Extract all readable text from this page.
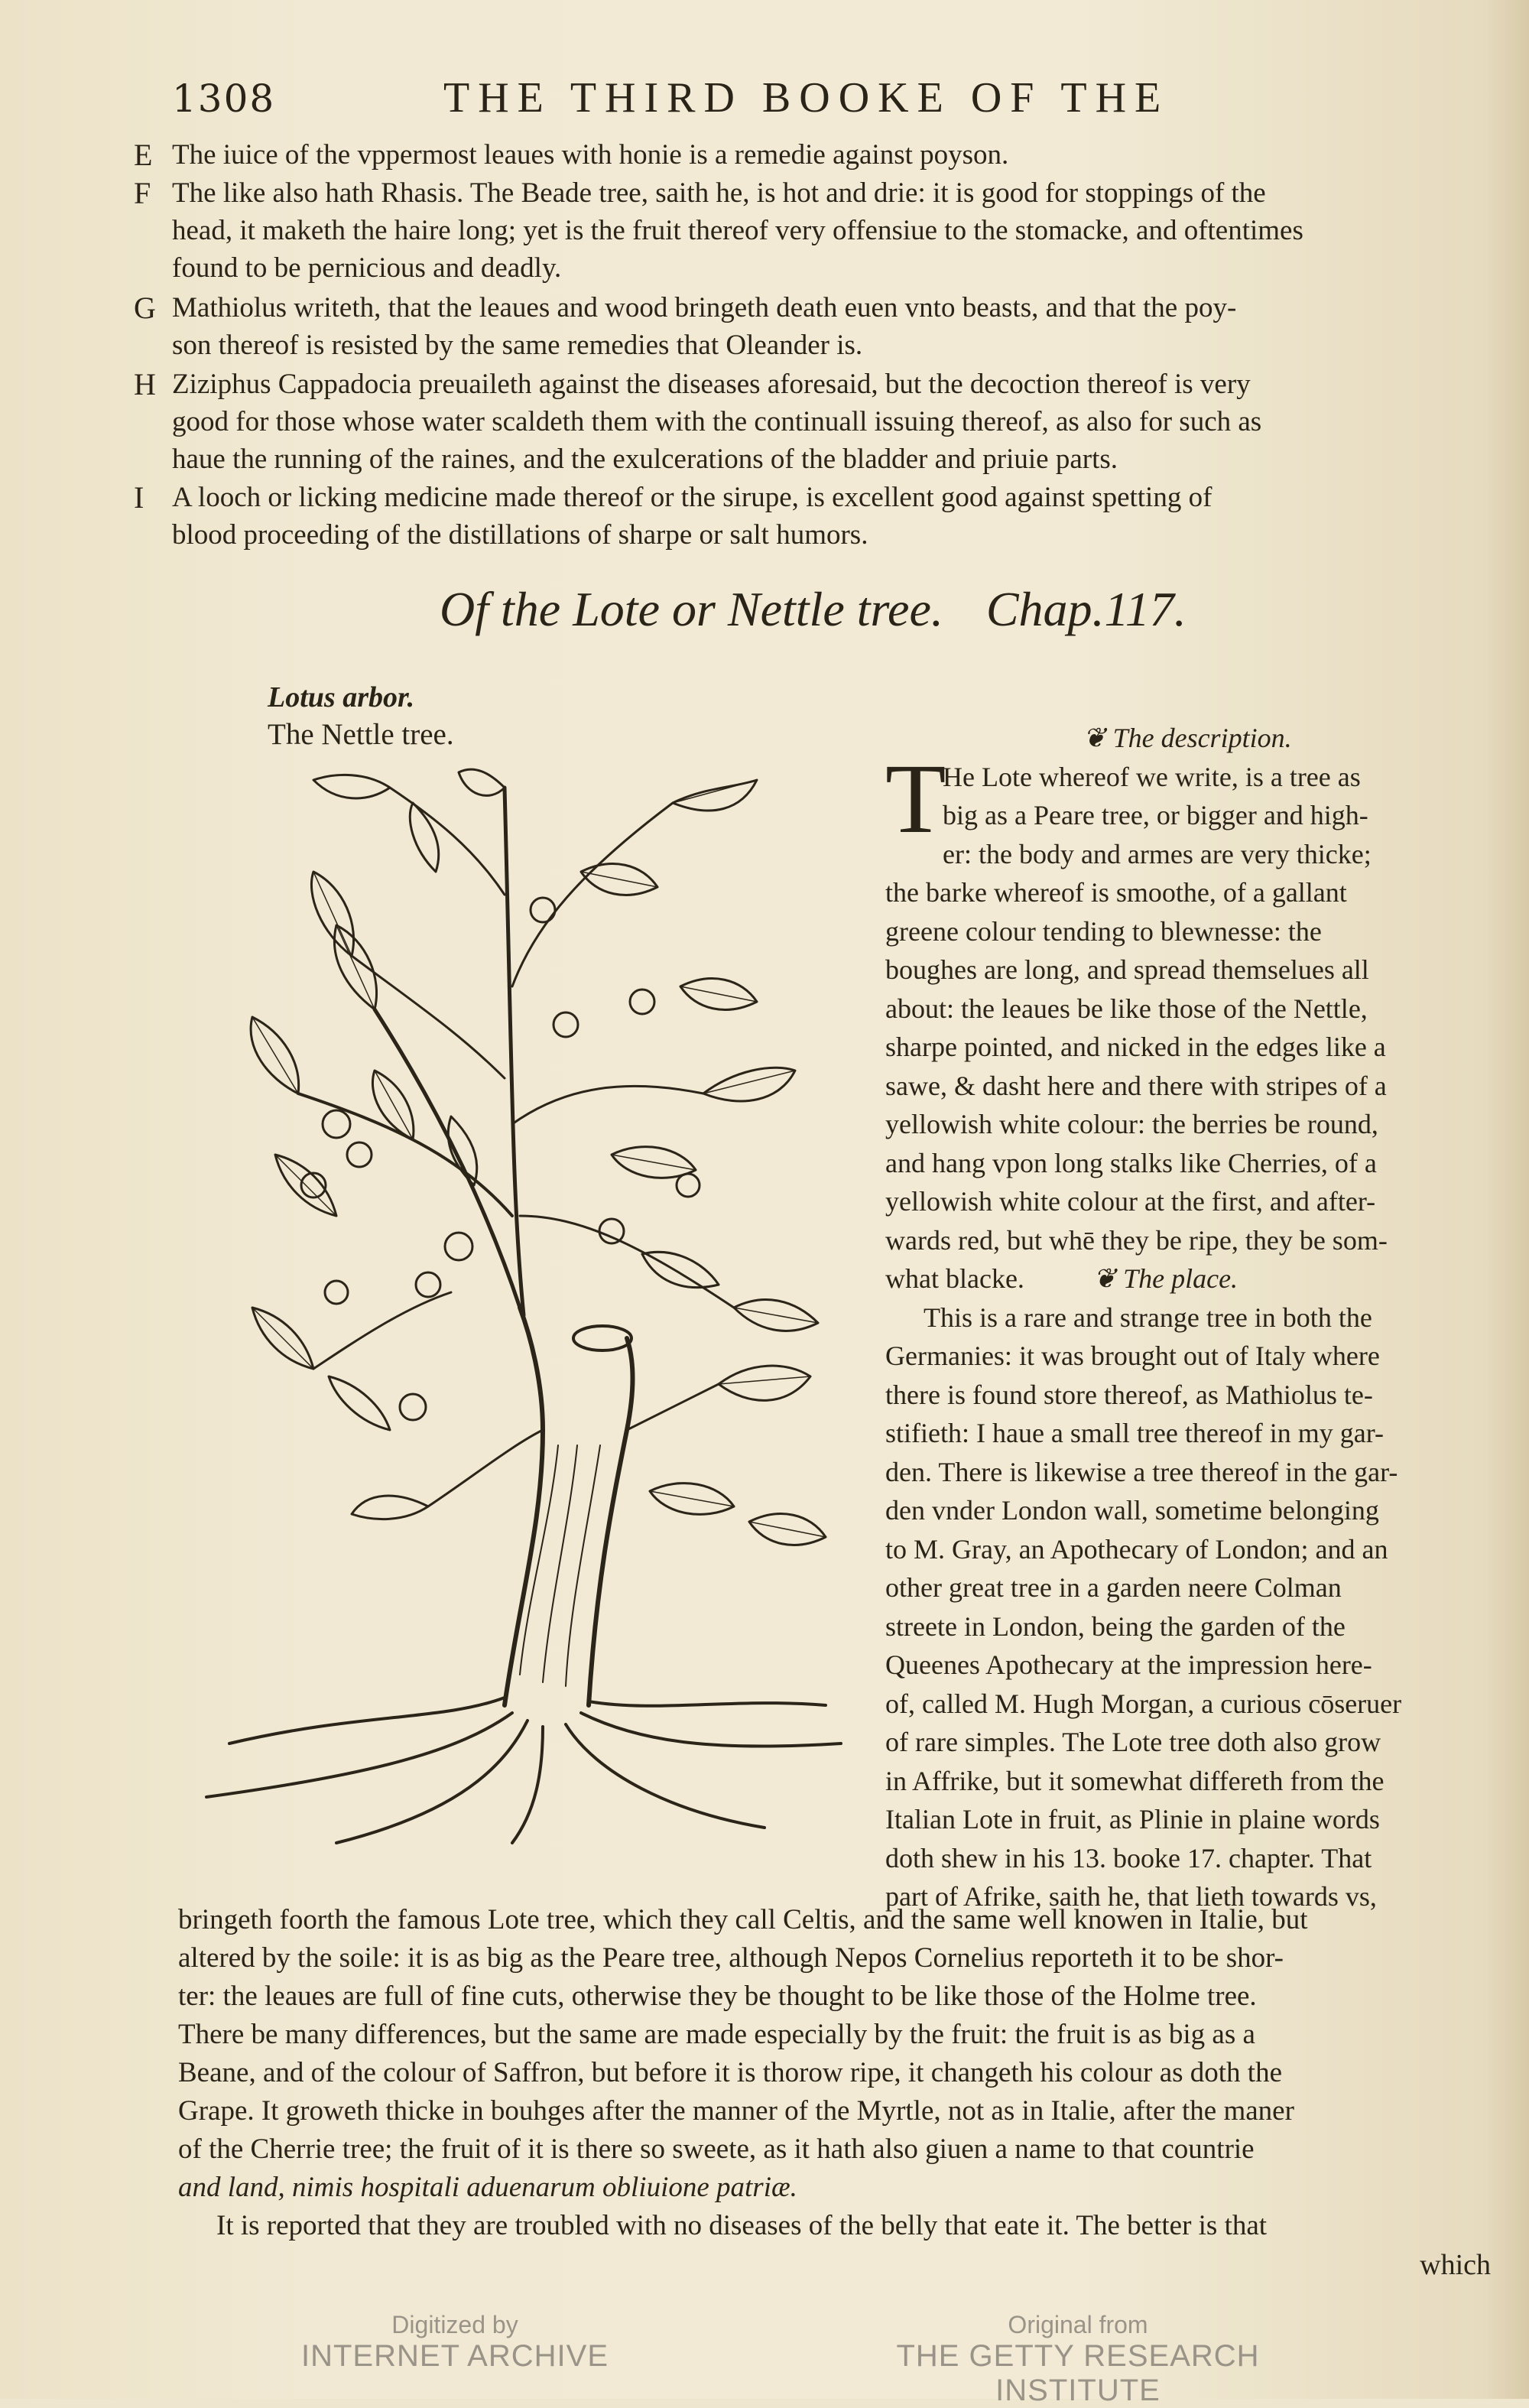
1308	THE THIRD BOOKE OF THE
E The iuice of the vppermost leaues with honie is a remedie against poyson.
F The like also hath Rhasis. The Beade tree, saith he, is hot and drie: it is good for stoppings of the
head, it maketh the haire long; yet is the fruit thereof very offensiue to the stomacke, and oftentimes
found to be pernicious and deadly.
G Mathiolus writeth, that the leaues and wood bringeth death euen vnto beasts, and that the poy-
son thereof is resisted by the same remedies that Oleander is.
H Ziziphus Cappadocia preuaileth against the diseases aforesaid, but the decoction thereof is very
good for those whose water scaldeth them with the continuall issuing thereof, as also for such as
haue the running of the raines, and the exulcerations of the bladder and priuie parts.
I A looch or licking medicine made thereof or the sirupe, is excellent good against spetting of
blood proceeding of the distillations of sharpe or salt humors.
Of the Lote or Nettle tree. Chap.117.
Lotus arbor.
The Nettle tree.	❦ The description.
He Lote whereof we write, is a tree as
big as a Peare tree, or bigger and high-
er: the body and armes are very thicke;
the barke whereof is smoothe, of a gallant
greene colour tending to blewnesse: the
boughes are long, and spread themselues all
about: the leaues be like those of the Nettle,
sharpe pointed, and nicked in the edges like a
sawe, & dasht here and there with stripes of a
yellowish white colour: the berries be round,
and hang vpon long stalks like Cherries, of a
yellowish white colour at the first, and after-
wards red, but whē they be ripe, they be som-
what blacke.	❦ The place.
This is a rare and strange tree in both the
Germanies: it was brought out of Italy where
there is found store thereof, as Mathiolus te-
stifieth: I haue a small tree thereof in my gar-
den. There is likewise a tree thereof in the gar-
den vnder London wall, sometime belonging
to M. Gray, an Apothecary of London; and an
other great tree in a garden neere Colman
streete in London, being the garden of the
Queenes Apothecary at the impression here-
of, called M. Hugh Morgan, a curious cōseruer
of rare simples. The Lote tree doth also grow
in Affrike, but it somewhat differeth from the
Italian Lote in fruit, as Plinie in plaine words
doth shew in his 13. booke 17. chapter. That
part of Afrike, saith he, that lieth towards vs,
T
bringeth foorth the famous Lote tree, which they call Celtis, and the same well knowen in Italie, but
altered by the soile: it is as big as the Peare tree, although Nepos Cornelius reporteth it to be shor-
ter: the leaues are full of fine cuts, otherwise they be thought to be like those of the Holme tree.
There be many differences, but the same are made especially by the fruit: the fruit is as big as a
Beane, and of the colour of Saffron, but before it is thorow ripe, it changeth his colour as doth the
Grape. It groweth thicke in bouhges after the manner of the Myrtle, not as in Italie, after the maner
of the Cherrie tree; the fruit of it is there so sweete, as it hath also giuen a name to that countrie
and land, nimis hospitali aduenarum obliuione patriæ.
It is reported that they are troubled with no diseases of the belly that eate it. The better is that
which
Digitized by
INTERNET ARCHIVE
Original from
THE GETTY RESEARCH INSTITUTE
